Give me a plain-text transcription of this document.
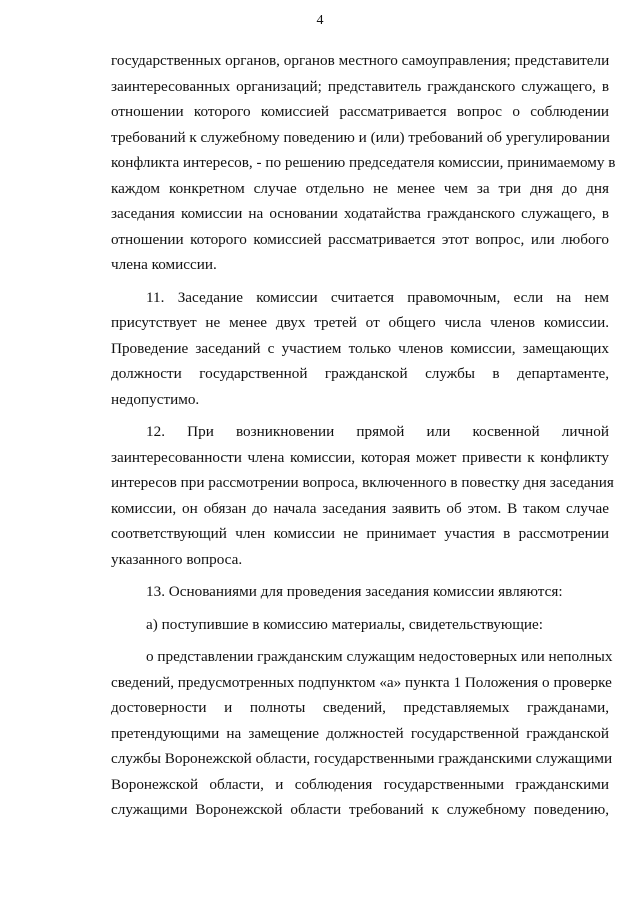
4

государственных органов, органов местного самоуправления; представители
заинтересованных организаций; представитель гражданского служащего, в
отношении которого комиссией рассматривается вопрос о соблюдении
требований к служебному поведению и (или) требований об урегулировании
конфликта интересов, - по решению председателя комиссии, принимаемому в
каждом конкретном случае отдельно не менее чем за три дня до дня
заседания комиссии на основании ходатайства гражданского служащего, в
отношении которого комиссией рассматривается этот вопрос, или любого
члена комиссии.

11. Заседание комиссии считается правомочным, если на нем
присутствует не менее двух третей от общего числа членов комиссии.
Проведение заседаний с участием только членов комиссии, замещающих
должности государственной гражданской службы в департаменте,
недопустимо.

12. При возникновении прямой или косвенной личной
заинтересованности члена комиссии, которая может привести к конфликту
интересов при рассмотрении вопроса, включенного в повестку дня заседания
комиссии, он обязан до начала заседания заявить об этом. В таком случае
соответствующий член комиссии не принимает участия в рассмотрении
указанного вопроса.

13. Основаниями для проведения заседания комиссии являются:

а) поступившие в комиссию материалы, свидетельствующие:

о представлении гражданским служащим недостоверных или неполных
сведений, предусмотренных подпунктом «а» пункта 1 Положения о проверке
достоверности и полноты сведений, представляемых гражданами,
претендующими на замещение должностей государственной гражданской
службы Воронежской области, государственными гражданскими служащими
Воронежской области, и соблюдения государственными гражданскими
служащими Воронежской области требований к служебному поведению,
